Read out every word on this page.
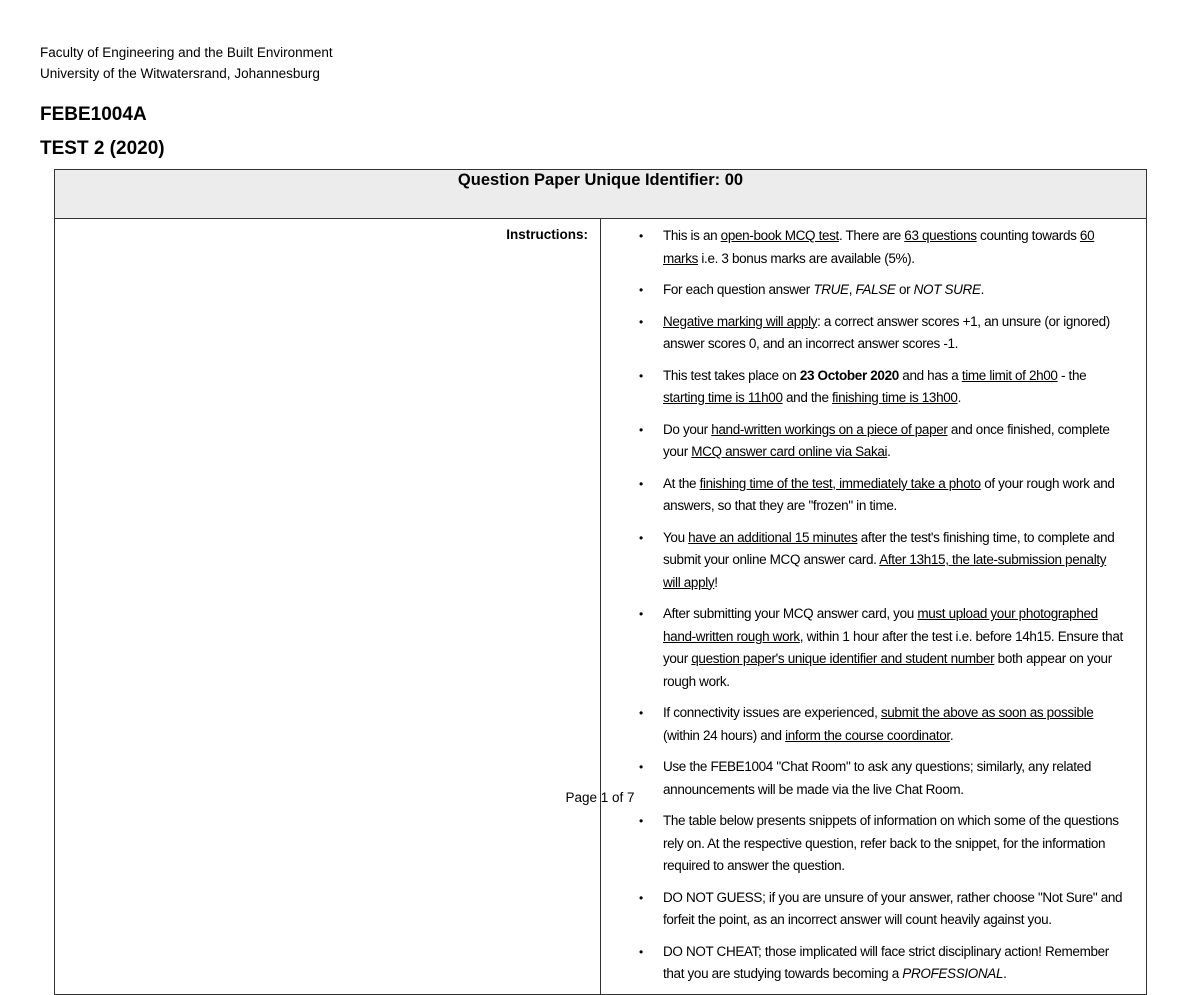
Faculty of Engineering and the Built Environment
University of the Witwatersrand, Johannesburg
FEBE1004A
TEST 2 (2020)
Question Paper Unique Identifier: 00
Instructions:	
•This is an open-book MCQ test. There are 63 questions counting towards 60 marks i.e. 3 bonus marks are available (5%).
• For each question answer TRUE, FALSE or NOT SURE.
• Negative marking will apply: a correct answer scores +1, an unsure (or ignored) answer scores 0, and an incorrect answer scores -1.
• This test takes place on 23 October 2020 and has a time limit of 2h00 - the starting time is 11h00 and the finishing time is 13h00.
• Do your hand-written workings on a piece of paper and once finished, complete your MCQ answer card online via Sakai.
• At the finishing time of the test, immediately take a photo of your rough work and answers, so that they are "frozen" in time.
• You have an additional 15 minutes after the test's finishing time, to complete and submit your online MCQ answer card. After 13h15, the late-submission penalty will apply!
• After submitting your MCQ answer card, you must upload your photographed hand-written rough work, within 1 hour after the test i.e. before 14h15. Ensure that your question paper's unique identifier and student number both appear on your rough work.
• If connectivity issues are experienced, submit the above as soon as possible (within 24 hours) and inform the course coordinator.
• Use the FEBE1004 "Chat Room" to ask any questions; similarly, any related announcements will be made via the live Chat Room.
• The table below presents snippets of information on which some of the questions rely on. At the respective question, refer back to the snippet, for the information required to answer the question.
• DO NOT GUESS; if you are unsure of your answer, rather choose "Not Sure" and forfeit the point, as an incorrect answer will count heavily against you.
• DO NOT CHEAT; those implicated will face strict disciplinary action! Remember that you are studying towards becoming a PROFESSIONAL.
Page 1 of 7
